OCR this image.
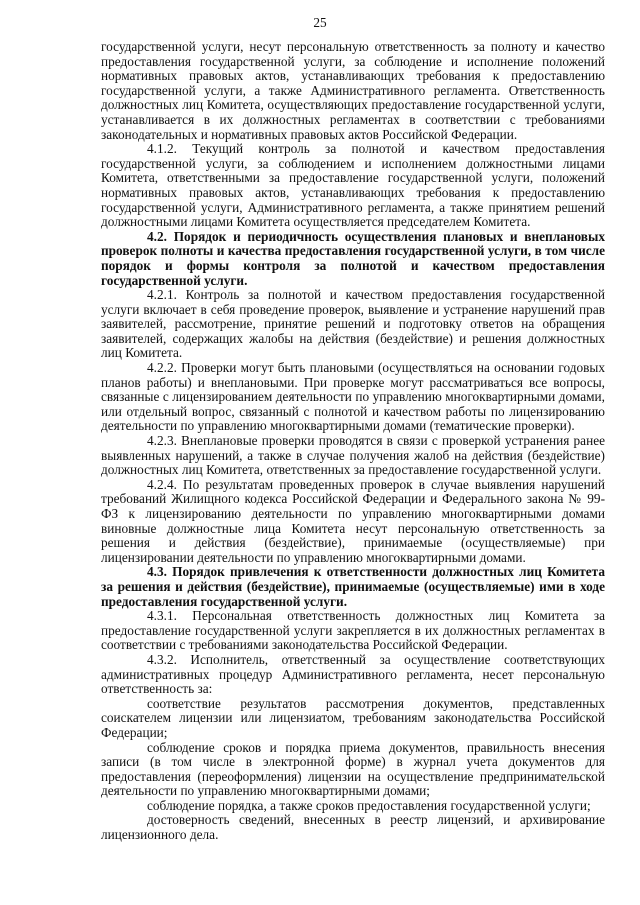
25

государственной услуги, несут персональную ответственность за полноту и качество предоставления государственной услуги, за соблюдение и исполнение положений нормативных правовых актов, устанавливающих требования к предоставлению государственной услуги, а также Административного регламента. Ответственность должностных лиц Комитета, осуществляющих предоставление государственной услуги, устанавливается в их должностных регламентах в соответствии с требованиями законодательных и нормативных правовых актов Российской Федерации.

4.1.2. Текущий контроль за полнотой и качеством предоставления государственной услуги, за соблюдением и исполнением должностными лицами Комитета, ответственными за предоставление государственной услуги, положений нормативных правовых актов, устанавливающих требования к предоставлению государственной услуги, Административного регламента, а также принятием решений должностными лицами Комитета осуществляется председателем Комитета.

4.2. Порядок и периодичность осуществления плановых и внеплановых проверок полноты и качества предоставления государственной услуги, в том числе порядок и формы контроля за полнотой и качеством предоставления государственной услуги.

4.2.1. Контроль за полнотой и качеством предоставления государственной услуги включает в себя проведение проверок, выявление и устранение нарушений прав заявителей, рассмотрение, принятие решений и подготовку ответов на обращения заявителей, содержащих жалобы на действия (бездействие) и решения должностных лиц Комитета.

4.2.2. Проверки могут быть плановыми (осуществляться на основании годовых планов работы) и внеплановыми. При проверке могут рассматриваться все вопросы, связанные с лицензированием деятельности по управлению многоквартирными домами, или отдельный вопрос, связанный с полнотой и качеством работы по лицензированию деятельности по управлению многоквартирными домами (тематические проверки).

4.2.3. Внеплановые проверки проводятся в связи с проверкой устранения ранее выявленных нарушений, а также в случае получения жалоб на действия (бездействие) должностных лиц Комитета, ответственных за предоставление государственной услуги.

4.2.4. По результатам проведенных проверок в случае выявления нарушений требований Жилищного кодекса Российской Федерации и Федерального закона № 99-ФЗ к лицензированию деятельности по управлению многоквартирными домами виновные должностные лица Комитета несут персональную ответственность за решения и действия (бездействие), принимаемые (осуществляемые) при лицензировании деятельности по управлению многоквартирными домами.

4.3. Порядок привлечения к ответственности должностных лиц Комитета за решения и действия (бездействие), принимаемые (осуществляемые) ими в ходе предоставления государственной услуги.

4.3.1. Персональная ответственность должностных лиц Комитета за предоставление государственной услуги закрепляется в их должностных регламентах в соответствии с требованиями законодательства Российской Федерации.

4.3.2. Исполнитель, ответственный за осуществление соответствующих административных процедур Административного регламента, несет персональную ответственность за:

соответствие результатов рассмотрения документов, представленных соискателем лицензии или лицензиатом, требованиям законодательства Российской Федерации;

соблюдение сроков и порядка приема документов, правильность внесения записи (в том числе в электронной форме) в журнал учета документов для предоставления (переоформления) лицензии на осуществление предпринимательской деятельности по управлению многоквартирными домами;

соблюдение порядка, а также сроков предоставления государственной услуги;

достоверность сведений, внесенных в реестр лицензий, и архивирование лицензионного дела.
